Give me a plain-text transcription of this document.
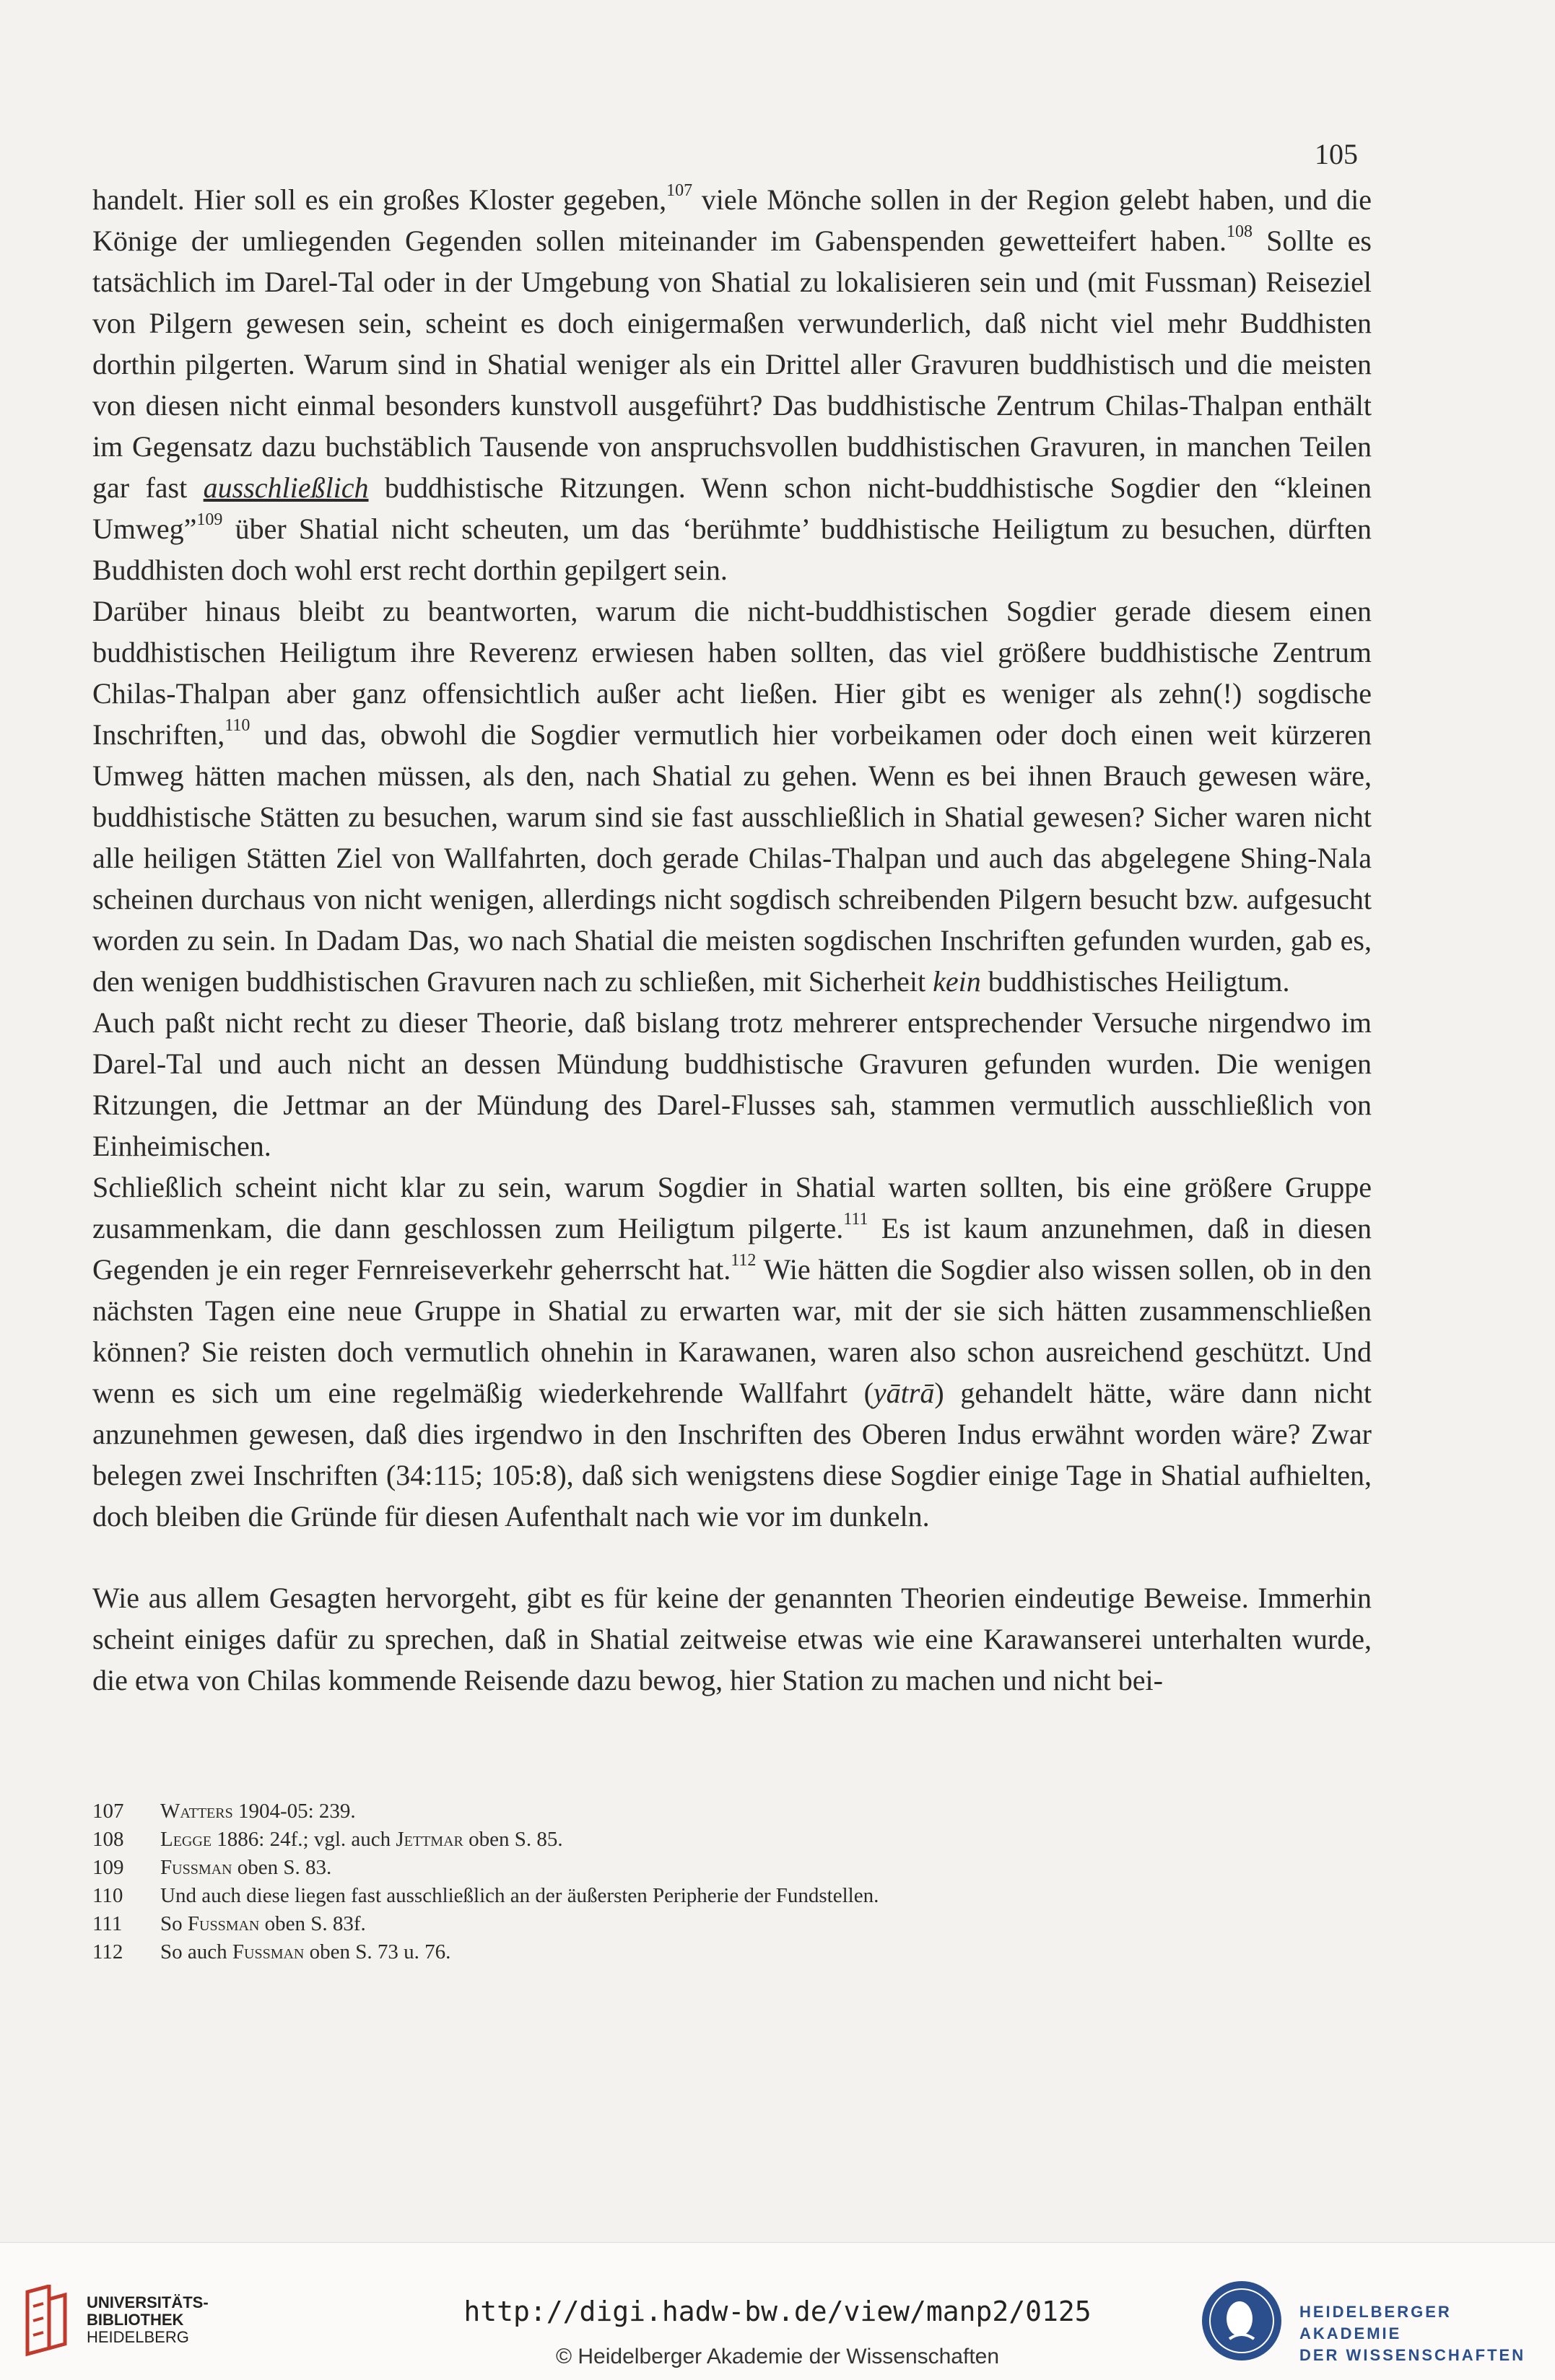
105

handelt. Hier soll es ein großes Kloster gegeben,$^{107}$ viele Mönche sollen in der Region gelebt haben, und die Könige der umliegenden Gegenden sollen miteinander im Gabenspenden gewetteifert haben.$^{108}$ Sollte es tatsächlich im Darel-Tal oder in der Umgebung von Shatial zu lokalisieren sein und (mit Fussman) Reiseziel von Pilgern gewesen sein, scheint es doch einigermaßen verwunderlich, daß nicht viel mehr Buddhisten dorthin pilgerten. Warum sind in Shatial weniger als ein Drittel aller Gravuren buddhistisch und die meisten von diesen nicht einmal besonders kunstvoll ausgeführt? Das buddhistische Zentrum Chilas-Thalpan enthält im Gegensatz dazu buchstäblich Tausende von anspruchsvollen buddhistischen Gravuren, in manchen Teilen gar fast ausschließlich buddhistische Ritzungen. Wenn schon nicht-buddhistische Sogdier den “kleinen Umweg”$^{109}$ über Shatial nicht scheuten, um das ‘berühmte’ buddhistische Heiligtum zu besuchen, dürften Buddhisten doch wohl erst recht dorthin gepilgert sein.

Darüber hinaus bleibt zu beantworten, warum die nicht-buddhistischen Sogdier gerade diesem einen buddhistischen Heiligtum ihre Reverenz erwiesen haben sollten, das viel größere buddhistische Zentrum Chilas-Thalpan aber ganz offensichtlich außer acht ließen. Hier gibt es weniger als zehn(!) sogdische Inschriften,$^{110}$ und das, obwohl die Sogdier vermutlich hier vorbeikamen oder doch einen weit kürzeren Umweg hätten machen müssen, als den, nach Shatial zu gehen. Wenn es bei ihnen Brauch gewesen wäre, buddhistische Stätten zu besuchen, warum sind sie fast ausschließlich in Shatial gewesen? Sicher waren nicht alle heiligen Stätten Ziel von Wallfahrten, doch gerade Chilas-Thalpan und auch das abgelegene Shing-Nala scheinen durchaus von nicht wenigen, allerdings nicht sogdisch schreibenden Pilgern besucht bzw. aufgesucht worden zu sein. In Dadam Das, wo nach Shatial die meisten sogdischen Inschriften gefunden wurden, gab es, den wenigen buddhistischen Gravuren nach zu schließen, mit Sicherheit kein buddhistisches Heiligtum.

Auch paßt nicht recht zu dieser Theorie, daß bislang trotz mehrerer entsprechender Versuche nirgendwo im Darel-Tal und auch nicht an dessen Mündung buddhistische Gravuren gefunden wurden. Die wenigen Ritzungen, die Jettmar an der Mündung des Darel-Flusses sah, stammen vermutlich ausschließlich von Einheimischen.

Schließlich scheint nicht klar zu sein, warum Sogdier in Shatial warten sollten, bis eine größere Gruppe zusammenkam, die dann geschlossen zum Heiligtum pilgerte.$^{111}$ Es ist kaum anzunehmen, daß in diesen Gegenden je ein reger Fernreiseverkehr geherrscht hat.$^{112}$ Wie hätten die Sogdier also wissen sollen, ob in den nächsten Tagen eine neue Gruppe in Shatial zu erwarten war, mit der sie sich hätten zusammenschließen können? Sie reisten doch vermutlich ohnehin in Karawanen, waren also schon ausreichend geschützt. Und wenn es sich um eine regelmäßig wiederkehrende Wallfahrt (yātrā) gehandelt hätte, wäre dann nicht anzunehmen gewesen, daß dies irgendwo in den Inschriften des Oberen Indus erwähnt worden wäre? Zwar belegen zwei Inschriften (34:115; 105:8), daß sich wenigstens diese Sogdier einige Tage in Shatial aufhielten, doch bleiben die Gründe für diesen Aufenthalt nach wie vor im dunkeln.

Wie aus allem Gesagten hervorgeht, gibt es für keine der genannten Theorien eindeutige Beweise. Immerhin scheint einiges dafür zu sprechen, daß in Shatial zeitweise etwas wie eine Karawanserei unterhalten wurde, die etwa von Chilas kommende Reisende dazu bewog, hier Station zu machen und nicht bei-

107	Watters 1904-05: 239.
108	Legge 1886: 24f.; vgl. auch Jettmar oben S. 85.
109	Fussman oben S. 83.
110	Und auch diese liegen fast ausschließlich an der äußersten Peripherie der Fundstellen.
111	So Fussman oben S. 83f.
112	So auch Fussman oben S. 73 u. 76.
UNIVERSITÄTS-
BIBLIOTHEK
HEIDELBERG
http://digi.hadw-bw.de/view/manp2/0125
© Heidelberger Akademie der Wissenschaften
HEIDELBERGER AKADEMIE
DER WISSENSCHAFTEN
